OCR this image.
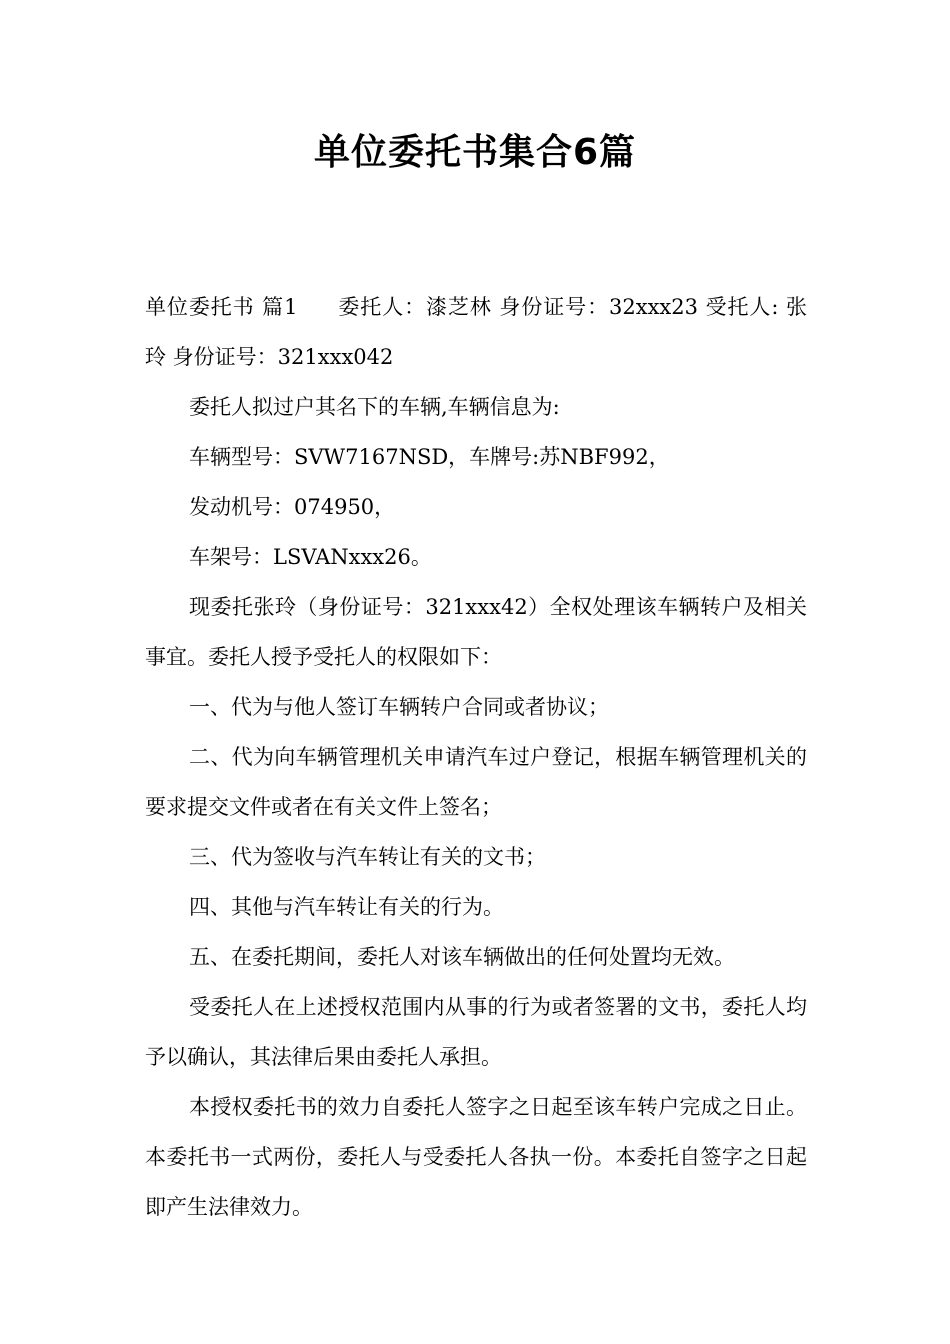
单位委托书集合6篇

单位委托书 篇1 委托人：漆芝林 身份证号：32xxx23 受托人: 张 玲 身份证号：321xxx042

委托人拟过户其名下的车辆,车辆信息为:

车辆型号：SVW7167NSD，车牌号:苏NBF992，

发动机号：074950，

车架号：LSVANxxx26。

现委托张玲（身份证号：321xxx42）全权处理该车辆转户及相关事宜。委托人授予受托人的权限如下：

一、代为与他人签订车辆转户合同或者协议；

二、代为向车辆管理机关申请汽车过户登记，根据车辆管理机关的要求提交文件或者在有关文件上签名；

三、代为签收与汽车转让有关的文书；

四、其他与汽车转让有关的行为。

五、在委托期间，委托人对该车辆做出的任何处置均无效。

受委托人在上述授权范围内从事的行为或者签署的文书，委托人均予以确认，其法律后果由委托人承担。

本授权委托书的效力自委托人签字之日起至该车转户完成之日止。 本委托书一式两份，委托人与受委托人各执一份。本委托自签字之日起即产生法律效力。
